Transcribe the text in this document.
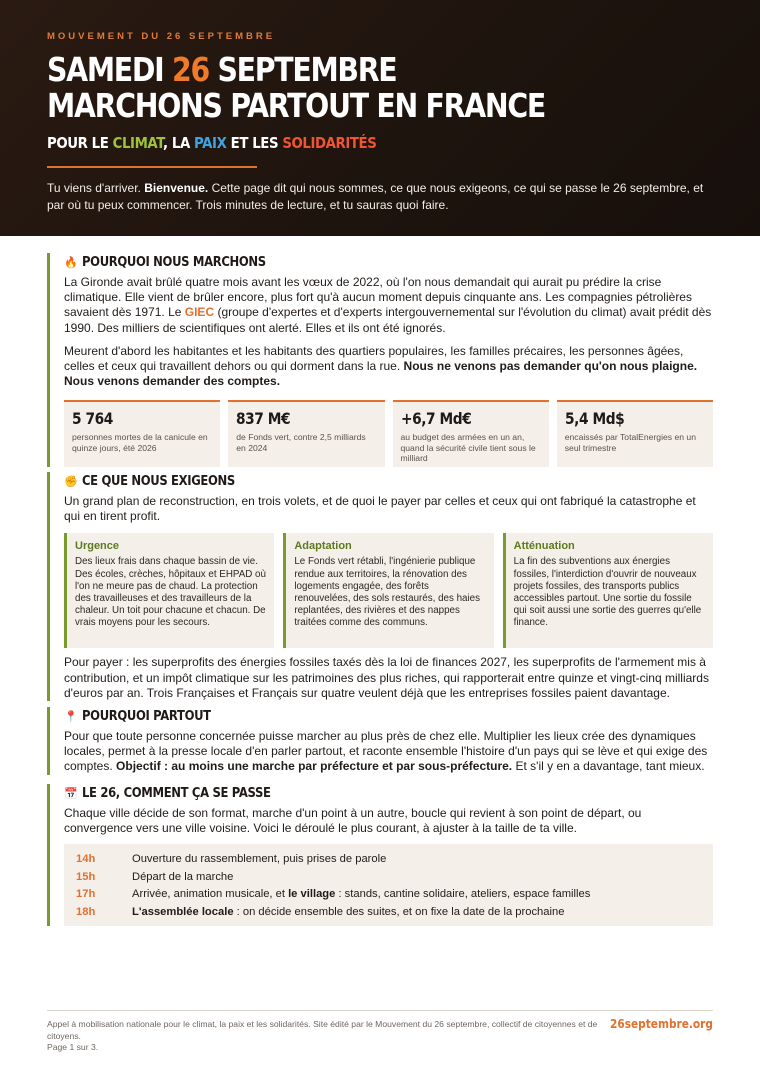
MOUVEMENT DU 26 SEPTEMBRE
SAMEDI 26 SEPTEMBRE
MARCHONS PARTOUT EN FRANCE
POUR LE CLIMAT, LA PAIX ET LES SOLIDARITÉS

Tu viens d'arriver. Bienvenue. Cette page dit qui nous sommes, ce que nous exigeons, ce qui se passe le 26 septembre, et par où tu peux commencer. Trois minutes de lecture, et tu sauras quoi faire.

🔥 POURQUOI NOUS MARCHONS

La Gironde avait brûlé quatre mois avant les vœux de 2022, où l'on nous demandait qui aurait pu prédire la crise climatique. Elle vient de brûler encore, plus fort qu'à aucun moment depuis cinquante ans. Les compagnies pétrolières savaient dès 1971. Le GIEC (groupe d'expertes et d'experts intergouvernemental sur l'évolution du climat) avait prédit dès 1990. Des milliers de scientifiques ont alerté. Elles et ils ont été ignorés.

Meurent d'abord les habitantes et les habitants des quartiers populaires, les familles précaires, les personnes âgées, celles et ceux qui travaillent dehors ou qui dorment dans la rue. Nous ne venons pas demander qu'on nous plaigne. Nous venons demander des comptes.

5 764
personnes mortes de la canicule en quinze jours, été 2026
837 M€
de Fonds vert, contre 2,5 milliards en 2024
+6,7 Md€
au budget des armées en un an, quand la sécurité civile tient sous le milliard
5,4 Md$
encaissés par TotalEnergies en un seul trimestre
✊ CE QUE NOUS EXIGEONS

Un grand plan de reconstruction, en trois volets, et de quoi le payer par celles et ceux qui ont fabriqué la catastrophe et qui en tirent profit.

Urgence
Des lieux frais dans chaque bassin de vie. Des écoles, crèches, hôpitaux et EHPAD où l'on ne meure pas de chaud. La protection des travailleuses et des travailleurs de la chaleur. Un toit pour chacune et chacun. De vrais moyens pour les secours.
Adaptation
Le Fonds vert rétabli, l'ingénierie publique rendue aux territoires, la rénovation des logements engagée, des forêts renouvelées, des sols restaurés, des haies replantées, des rivières et des nappes traitées comme des communs.
Atténuation
La fin des subventions aux énergies fossiles, l'interdiction d'ouvrir de nouveaux projets fossiles, des transports publics accessibles partout. Une sortie du fossile qui soit aussi une sortie des guerres qu'elle finance.

Pour payer : les superprofits des énergies fossiles taxés dès la loi de finances 2027, les superprofits de l'armement mis à contribution, et un impôt climatique sur les patrimoines des plus riches, qui rapporterait entre quinze et vingt-cinq milliards d'euros par an. Trois Françaises et Français sur quatre veulent déjà que les entreprises fossiles paient davantage.

📍 POURQUOI PARTOUT

Pour que toute personne concernée puisse marcher au plus près de chez elle. Multiplier les lieux crée des dynamiques locales, permet à la presse locale d'en parler partout, et raconte ensemble l'histoire d'un pays qui se lève et qui exige des comptes. Objectif : au moins une marche par préfecture et par sous-préfecture. Et s'il y en a davantage, tant mieux.

📅 LE 26, COMMENT ÇA SE PASSE

Chaque ville décide de son format, marche d'un point à un autre, boucle qui revient à son point de départ, ou convergence vers une ville voisine. Voici le déroulé le plus courant, à ajuster à la taille de ta ville.

14h	Ouverture du rassemblement, puis prises de parole
15h	Départ de la marche
17h	Arrivée, animation musicale, et le village : stands, cantine solidaire, ateliers, espace familles
18h	L'assemblée locale : on décide ensemble des suites, et on fixe la date de la prochaine
Appel à mobilisation nationale pour le climat, la paix et les solidarités. Site édité par le Mouvement du 26 septembre, collectif de citoyennes et de citoyens.
Page 1 sur 3.
26septembre.org
